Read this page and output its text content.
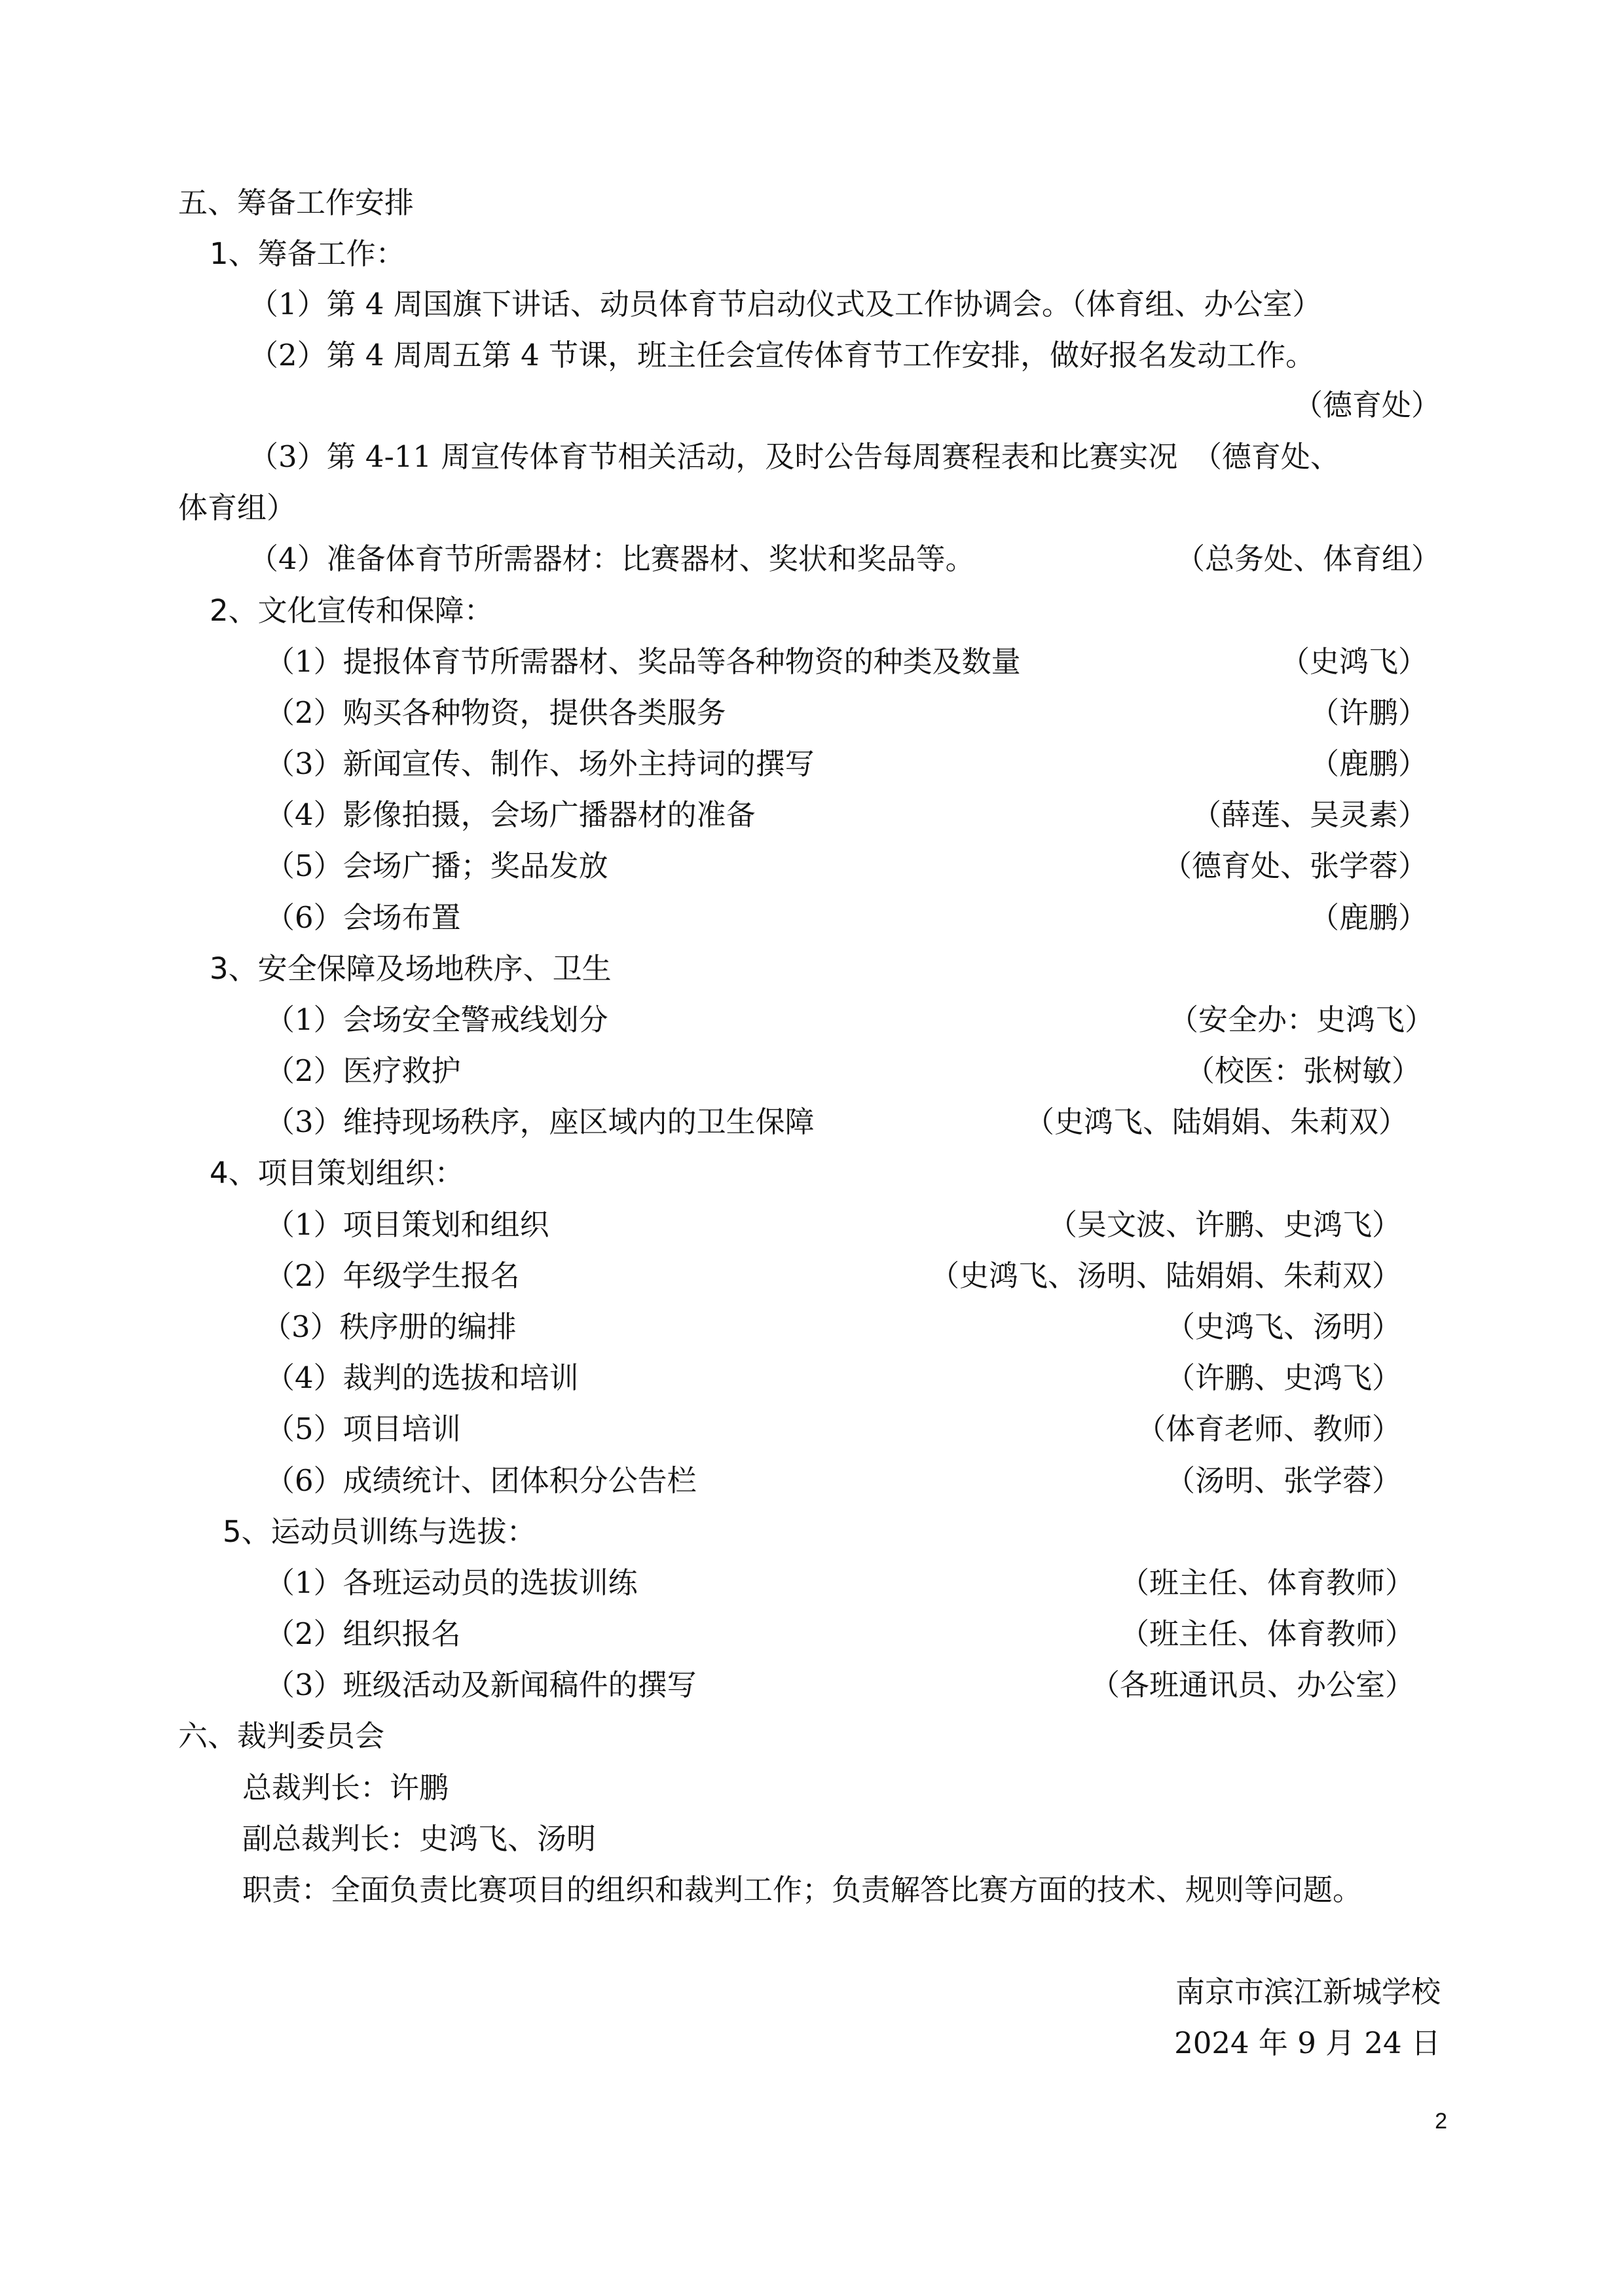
五、筹备工作安排
1、筹备工作：
（1）第 4 周国旗下讲话、动员体育节启动仪式及工作协调会。（体育组、办公室）
（2）第 4 周周五第 4 节课，班主任会宣传体育节工作安排，做好报名发动工作。
（德育处）
（3）第 4-11 周宣传体育节相关活动，及时公告每周赛程表和比赛实况　（德育处、
体育组）
（4）准备体育节所需器材：比赛器材、奖状和奖品等。	（总务处、体育组）
2、文化宣传和保障：
（1）提报体育节所需器材、奖品等各种物资的种类及数量	（史鸿飞）
（2）购买各种物资，提供各类服务	（许鹏）
（3）新闻宣传、制作、场外主持词的撰写	（鹿鹏）
（4）影像拍摄，会场广播器材的准备	（薛莲、吴灵素）
（5）会场广播；奖品发放	（德育处、张学蓉）
（6）会场布置	（鹿鹏）
3、安全保障及场地秩序、卫生
（1）会场安全警戒线划分	（安全办：史鸿飞）
（2）医疗救护	（校医：张树敏）
（3）维持现场秩序，座区域内的卫生保障	（史鸿飞、陆娟娟、朱莉双）
4、项目策划组织：
（1）项目策划和组织	（吴文波、许鹏、史鸿飞）
（2）年级学生报名	（史鸿飞、汤明、陆娟娟、朱莉双）
（3）秩序册的编排	（史鸿飞、汤明）
（4）裁判的选拔和培训	（许鹏、史鸿飞）
（5）项目培训	（体育老师、教师）
（6）成绩统计、团体积分公告栏	（汤明、张学蓉）
5、运动员训练与选拔：
（1）各班运动员的选拔训练	（班主任、体育教师）
（2）组织报名	（班主任、体育教师）
（3）班级活动及新闻稿件的撰写	（各班通讯员、办公室）
六、裁判委员会
总裁判长：许鹏
副总裁判长：史鸿飞、汤明
职责：全面负责比赛项目的组织和裁判工作；负责解答比赛方面的技术、规则等问题。
南京市滨江新城学校
2024 年 9 月 24 日
2
